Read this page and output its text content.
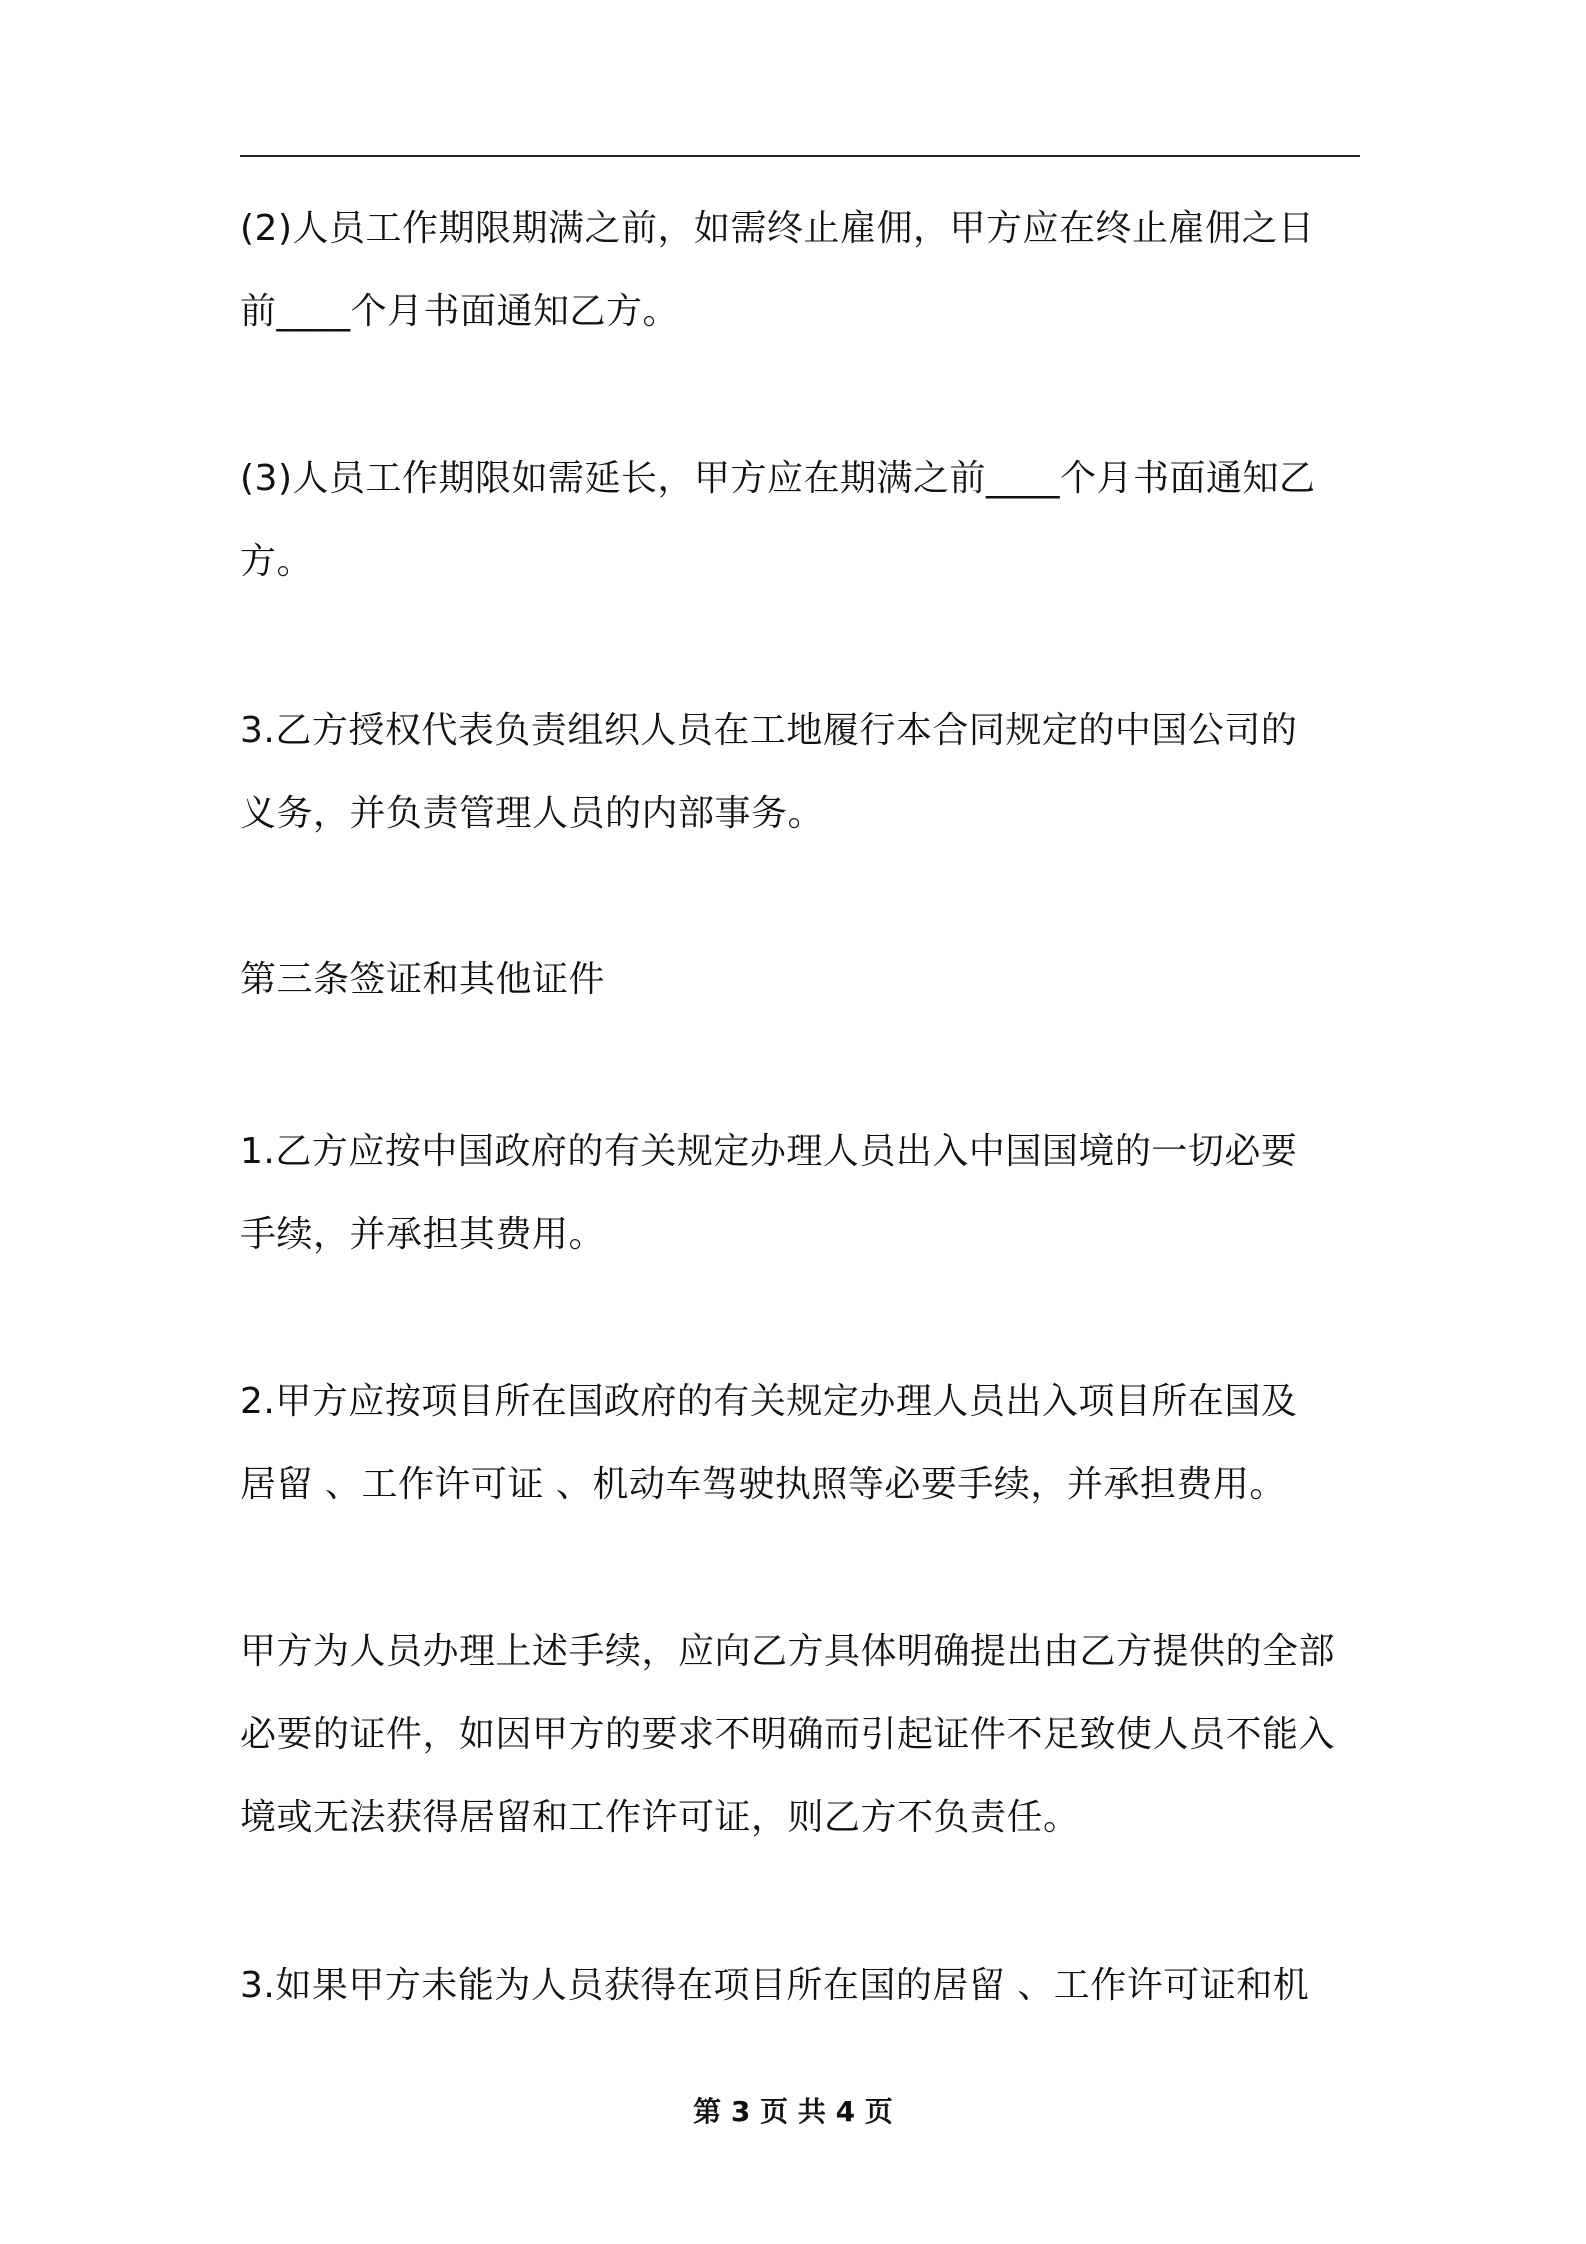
(2)人员工作期限期满之前，如需终止雇佣，甲方应在终止雇佣之日
前____个月书面通知乙方。
(3)人员工作期限如需延长，甲方应在期满之前____个月书面通知乙
方。
3.乙方授权代表负责组织人员在工地履行本合同规定的中国公司的
义务，并负责管理人员的内部事务。
第三条签证和其他证件
1.乙方应按中国政府的有关规定办理人员出入中国国境的一切必要
手续，并承担其费用。
2.甲方应按项目所在国政府的有关规定办理人员出入项目所在国及
居留 、工作许可证 、机动车驾驶执照等必要手续，并承担费用。
甲方为人员办理上述手续，应向乙方具体明确提出由乙方提供的全部
必要的证件，如因甲方的要求不明确而引起证件不足致使人员不能入
境或无法获得居留和工作许可证，则乙方不负责任。
3.如果甲方未能为人员获得在项目所在国的居留 、工作许可证和机
第 3 页 共 4 页
